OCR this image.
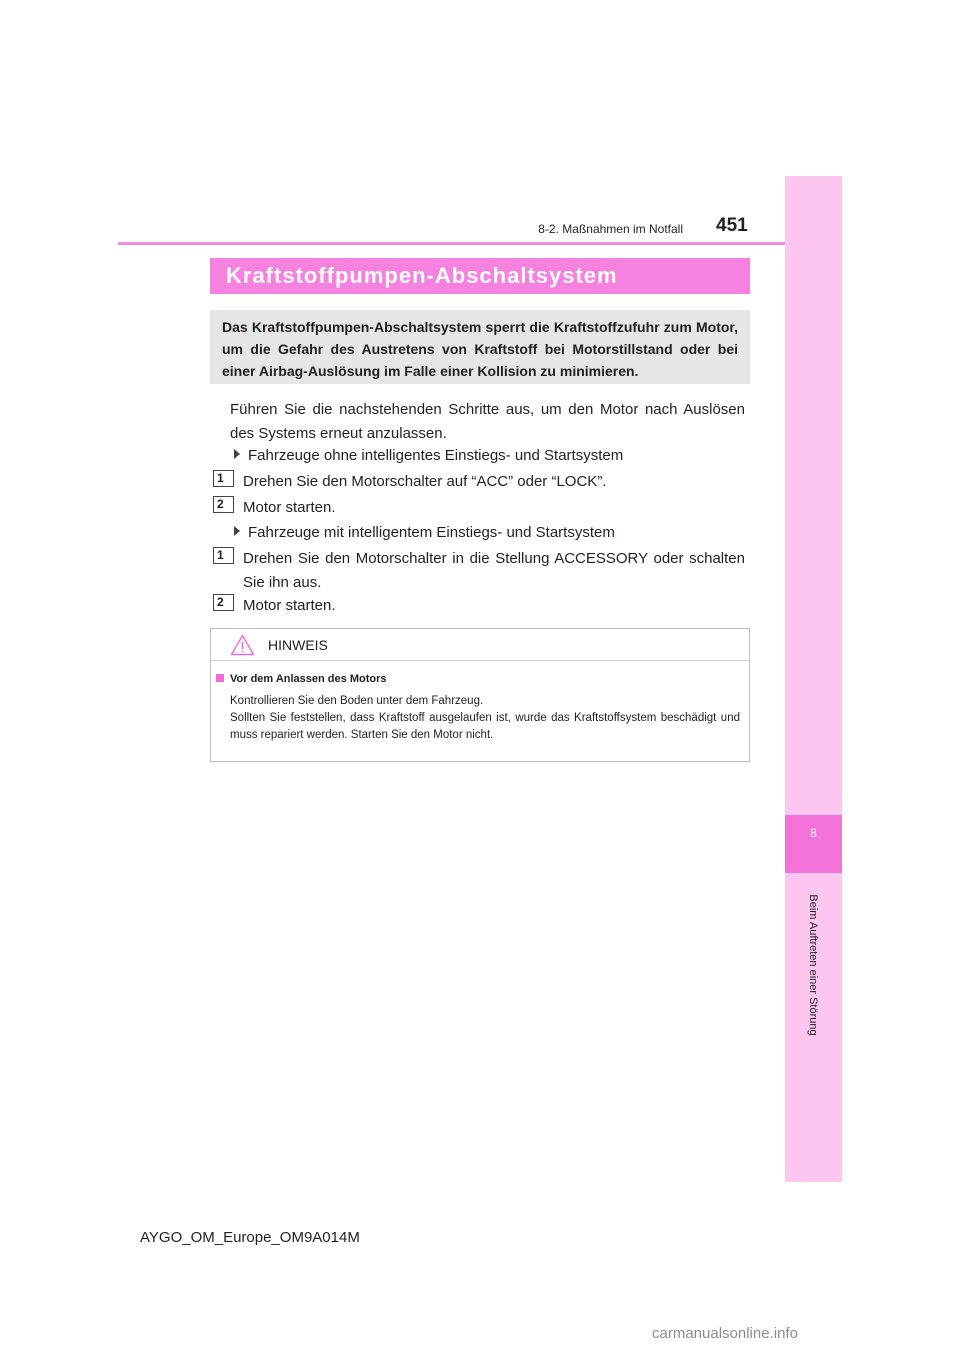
8
Beim Auftreten einer Störung
8-2. Maßnahmen im Notfall 451
Kraftstoffpumpen-Abschaltsystem

Das Kraftstoffpumpen-Abschaltsystem sperrt die Kraftstoffzufuhr zum Motor, um die Gefahr des Austretens von Kraftstoff bei Motorstillstand oder bei einer Airbag-Auslösung im Falle einer Kollision zu minimieren.

Führen Sie die nachstehenden Schritte aus, um den Motor nach Auslösen des Systems erneut anzulassen.

Fahrzeuge ohne intelligentes Einstiegs- und Startsystem
1	Drehen Sie den Motorschalter auf “ACC” oder “LOCK”.

2	Motor starten.

Fahrzeuge mit intelligentem Einstiegs- und Startsystem
1	Drehen Sie den Motorschalter in die Stellung ACCESSORY oder schalten Sie ihn aus.

2	Motor starten.

HINWEIS
Vor dem Anlassen des Motors
Kontrollieren Sie den Boden unter dem Fahrzeug.
Sollten Sie feststellen, dass Kraftstoff ausgelaufen ist, wurde das Kraftstoffsystem beschädigt und muss repariert werden. Starten Sie den Motor nicht.
AYGO_OM_Europe_OM9A014M
carmanualsonline.info
